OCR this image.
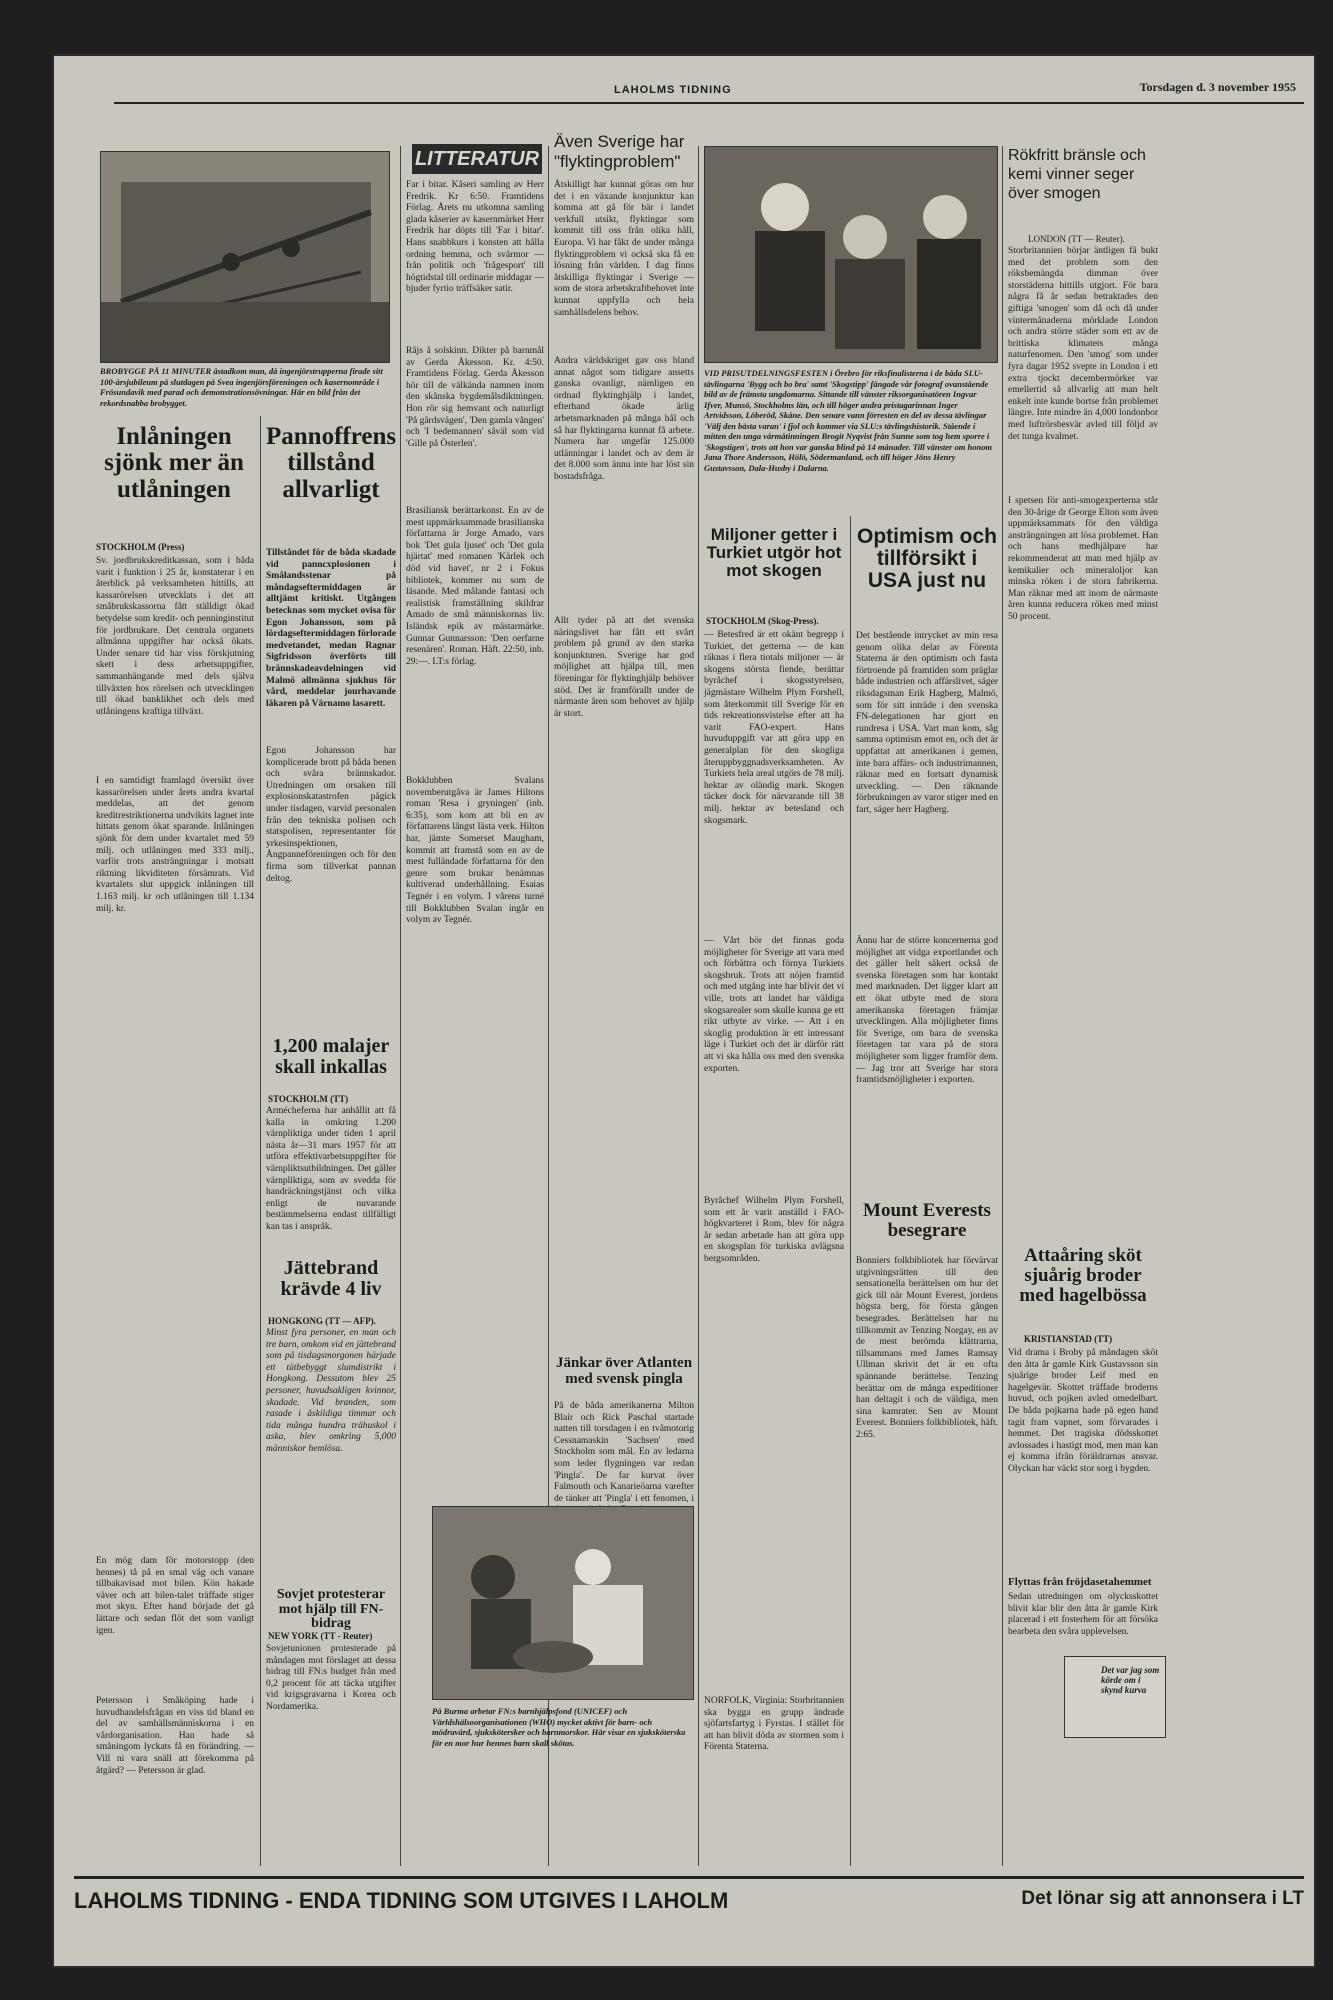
LAHOLMS TIDNING	Torsdagen d. 3 november 1955
BROBYGGE PÅ 11 MINUTER åstadkom man, då ingenjörstrupperna firade sitt 100-årsjubileum på slutdagen på Svea ingenjörsföreningen och kasernområde i Frösundavik med parad och demonstrationsövningar. Här en bild från det rekordsnabba brobygget.
Inlåningen sjönk mer än utlåningen
STOCKHOLM (Press)
Sv. jordbrukskreditkassan, som i båda varit i funktion i 25 år, konstaterar i en återblick på verksamheten hittills, att kassarörelsen utvecklats i det att småbrukskassorna fått ställdigt ökad betydelse som kredit- och penninginstitut för jordbrukare. Det centrala organets allmänna uppgifter har också ökats. Under senare tid har viss förskjutning skett i dess arbetsuppgifter, sammanhängande med dels själva tillväxten hos rörelsen och utvecklingen till ökad banklikhet och dels med utlåningens kraftiga tillväxt.
I en samtidigt framlagd översikt över kassarörelsen under årets andra kvartal meddelas, att det genom kreditrestriktionerna undvikits lagnet inte hittats genom ökat sparande. Inlåningen sjönk för dem under kvartalet med 59 milj. och utlåningen med 333 milj., varför trots ansträngningar i motsatt riktning likviditeten försämrats. Vid kvartalets slut uppgick inlåningen till 1.163 milj. kr och utlåningen till 1.134 milj. kr.
En mög dam för motorstopp (den hennes) tå på en smal väg och vanare tillbakavisad mot bilen. Kön hakade väver och att bilen-talet träffade stiger mot skyn. Efter hand började det gå lättare och sedan flöt det som vanligt igen.
Petersson i Småköping hade i huvudhandelsfrågan en viss tid bland en del av samhällsmänniskorna i en vårdorganisation. Han hade så småningom lyckats få en förändring. — Vill ni vara snäll att förekomma på åtgärd? — Petersson är glad.
Pannoffrens tillstånd allvarligt
Tillståndet för de båda skadade vid panncxplosionen i Smålandsstenar på måndagseftermiddagen är alltjämt kritiskt. Utgången betecknas som mycket ovisa för Egon Johansson, som på lördagseftermiddagen förlorade medvetandet, medan Ragnar Sigfridsson överförts till brännskadeavdelningen vid Malmö allmänna sjukhus för vård, meddelar jourhavande läkaren på Värnamo lasarett.
Egon Johansson har komplicerade brott på båda benen och svåra brännskador. Utredningen om orsaken till explosionskatastrofen pågick under tisdagen, varvid personalen från den tekniska polisen och statspolisen, representanter för yrkesinspektionen, Ångpanneföreningen och för den firma som tillverkat pannan deltog.
1,200 malajer skall inkallas
STOCKHOLM (TT)
Armécheferna har anhållit att få kalla in omkring 1.200 värnpliktiga under tiden 1 april nästa år—31 mars 1957 för att utföra effektivarbetsuppgifter för värnpliktsutbildningen. Det gäller värnpliktiga, som av svedda för handräckningstjänst och vilka enligt de nuvarande bestämmelserna endast tillfälligt kan tas i anspråk.
Jättebrand krävde 4 liv
HONGKONG (TT — AFP).
Minst fyra personer, en man och tre barn, omkom vid en jättebrand som på tisdagsmorgonen härjade ett tätbebyggt slumdistrikt i Hongkong. Dessutom blev 25 personer, huvudsakligen kvinnor, skadade. Vid branden, som rasade i åskildiga timmar och tida många hundra trähuskol i aska, blev omkring 5,000 människor hemlösa.
Sovjet protesterar mot hjälp till FN-bidrag
NEW YORK (TT - Reuter)
Sovjetunionen protesterade på måndagen mot förslaget att dessa bidrag till FN:s budget från med 0,2 procent för att täcka utgifter vid krigsgravarna i Korea och Nordamerika.
LITTERATUR
Far i bitar. Kåseri samling av Herr Fredrik. Kr 6:50. Framtidens Förlag. Årets nu utkomna samling glada kåserier av kasernmärket Herr Fredrik har döpts till 'Far i bitar'. Hans snabbkurs i konsten att hålla ordning hemma, och svärmor — från politik och 'frågesport' till högtidstal till ordinarie middagar — bjuder fyrtio träffsäker satir.
Råjs å solskinn. Dikter på barnmål av Gerda Åkesson. Kr. 4:50. Framtidens Förlag. Gerda Åkesson hör till de välkända namnen inom den skånska bygdemålsdiktningen. Hon rör sig hemvant och naturligt 'På gårdsvägen', 'Den gamla vången' och 'I bedemannen' såväl som vid 'Gille på Österlen'.
Brasiliansk berättarkonst. En av de mest uppmärksammade brasilianska författarna är Jorge Amado, vars bok 'Det gula ljuset' och 'Det gula hjärtat' med romanen 'Kärlek och död vid havet', nr 2 i Fokus bibliotek, kommer nu som de läsande. Med målande fantasi och realistisk framställning skildrar Amado de små människornas liv. Isländsk epik av mästarmärke. Gunnar Gunnarsson: 'Den oerfarne resenären'. Roman. Häft. 22:50, inb. 29:—. LT:s förlag.
Bokklubben Svalans novemberutgåva är James Hiltons roman 'Resa i gryningen' (inb. 6:35), som kom att bli en av författarens längst lästa verk. Hilton har, jämte Somerset Maugham, kommit att framstå som en av de mest fulländade författarna för den genre som brukar benämnas kultiverad underhållning. Esaias Tegnér i en volym. I vårens turné till Bokklubben Svalan ingår en volym av Tegnér.
Även Sverige har "flyktingproblem"
Åtskilligt har kunnat göras om hur det i en växande konjunktur kan komma att gå för bär i landet verkfull utsikt, flyktingar som kommit till oss från olika håll, Europa. Vi har fåkt de under många flyktingproblem vi också ska få en lösning från världen. I dag finns åtskilliga flyktingar i Sverige — som de stora arbetskraftbehovet inte kunnat uppfylla och hela samhällsdelens behov.
Andra världskriget gav oss bland annat något som tidigare ansetts ganska ovanligt, nämligen en ordnad flyktinghjälp i landet, efterhand ökade ärlig arbetsmarknaden på många hål och så har flyktingarna kunnat få arbete. Numera har ungefär 125.000 utlänningar i landet och av dem är det 8.000 som ännu inte har löst sin bostadsfråga.
Allt tyder på att det svenska näringslivet har fått ett svårt problem på grund av den starka konjunkturen. Sverige har god möjlighet att hjälpa till, men föreningar för flyktinghjälp behöver stöd. Det är framförallt under de närmaste åren som behovet av hjälp är stort.
Jänkar över Atlanten med svensk pingla
På de båda amerikanerna Milton Blair och Rick Paschal startade natten till torsdagen i en tvåmotorig Cessnamaskin 'Sachsen' med Stockholm som mål. En av ledarna som leder flygningen var redan 'Pingla'. De far kurvat över Falmouth och Kanarieöarna varefter de tänker att 'Pingla' i ett fenomen, i
På Burma arbetar FN:s barnhjälpsfond (UNICEF) och Världshälsoorganisationen (WHO) mycket aktivt för barn- och mödravård, sjukskötersker och barnmorskor. Här visar en sjuksköterska för en mor hur hennes barn skall skötas.
VID PRISUTDELNINGSFESTEN i Örebro för riksfinalisterna i de båda SLU-tävlingarna 'Bygg och bo bra' samt 'Skogstipp' fångade vår fotograf ovanstående bild av de främsta ungdomarna. Sittande till vänster riksorganisatören Ingvar Ifver, Munsö, Stockholms län, och till höger andra pristagarinnan Inger Artvidsson, Löberöd, Skåne. Den senare vann förresten en del av dessa tävlingar 'Välj den bästa varan' i fjol och kommer via SLU:s tävlingshistorik. Stående i mitten den unga vårmåtinningen Brogit Nyqvist från Sunne som tog hem sporre i 'Skogstigen', trots att hon var ganska blind på 14 månader. Till vänster om honom Jana Thore Andersson, Hölö, Södermanland, och till höger Jöns Henry Gustavsson, Dala-Husby i Dalarna.
Miljoner getter i Turkiet utgör hot mot skogen
STOCKHOLM (Skog-Press).
— Betesfred är ett okänt begrepp i Turkiet, det getterna — de kan räknas i flera tiotals miljoner — är skogens största fiende, berättar byråchef i skogsstyrelsen, jägmästare Wilhelm Plym Forshell, som återkommit till Sverige för en tids rekreationsvistelse efter att ha varit FAO-expert. Hans huvuduppgift var att göra upp en generalplan för den skogliga återuppbyggnadsverksamheten. Av Turkiets hela areal utgörs de 78 milj. hektar av oländig mark. Skogen täcker dock för närvarande till 38 milj. hektar av betesland och skogsmark.
— Vårt bör det finnas goda möjligheter för Sverige att vara med och förbättra och förnya Turkiets skogsbruk. Trots att nöjen framtid och med utgång inte har blivit det vi ville, trots att landet har väldiga skogsarealer som skulle kunna ge ett rikt utbyte av virke. — Att i en skoglig produktion är ett intressant läge i Turkiet och det är därför rätt att vi ska hålla oss med den svenska exporten.
Byråchef Wilhelm Plym Forshell, som ett år varit anställd i FAO-högkvarteret i Rom, blev för några år sedan arbetade han att göra upp en skogsplan för turkiska avlägsna bergsområden.
NORFOLK, Virginia: Storbritannien ska bygga en grupp ändrade sjöfartsfartyg i Fyrstas. I stället för att han blivit döda av stormen som i Förenta Staterna.
Optimism och tillförsikt i USA just nu
Det bestående intrycket av min resa genom olika delar av Förenta Staterna är den optimism och fasta förtroende på framtiden som präglar både industrien och affärslivet, säger riksdagsman Erik Hagberg, Malmö, som för sitt inträde i den svenska FN-delegationen har gjort en rundresa i USA. Vart man kom, såg samma optimism emot en, och det är uppfattat att amerikanen i gemen, inte bara affärs- och industrimannen, räknar med en fortsatt dynamisk utveckling. — Den räknande förbrukningen av varor stiger med en fart, säger herr Hagberg.
Ännu har de större koncernerna god möjlighet att vidga exportlandet och det gäller helt säkert också de svenska företagen som har kontakt med marknaden. Det ligger klart att ett ökat utbyte med de stora amerikanska företagen främjar utvecklingen. Alla möjligheter finns för Sverige, om bara de svenska företagen tar vara på de stora möjligheter som ligger framför dem. — Jag tror att Sverige har stora framtidsmöjligheter i exporten.
Mount Everests besegrare
Bonniers folkbibliotek har förvärvat utgivningsrätten till den sensationella berättelsen om hur det gick till när Mount Everest, jordens högsta berg, för första gången besegrades. Berättelsen har nu tillkommit av Tenzing Norgay, en av de mest berömda klättrarna, tillsammans med James Ramsay Ullman skrivit det är en ofta spännande berättelse. Tenzing berättar om de många expeditioner han deltagit i och de väldiga, men sina kamrater. Sen av Mount Everest. Bonniers folkbibliotek, häft. 2:65.
Rökfritt bränsle och kemi vinner seger över smogen
LONDON (TT — Reuter).
Storbritannien börjar äntligen få bukt med det problem som den röksbemängda dimman över storstäderna hittills utgjort. För bara några få år sedan betraktades den giftiga 'smogen' som då och då under vintermånaderna mörklade London och andra större städer som ett av de brittiska klimatets många naturfenomen. Den 'smog' som under fyra dagar 1952 svepte in London i ett extra tjockt decembermörker var emellertid så allvarlig att man helt enkelt inte kunde bortse från problemet längre. Inte mindre än 4,000 londonbor med luftrörsbesvär avled till följd av det tunga kvalmet.
I spetsen för anti-smogexperterna står den 30-årige dr George Elton som även uppmärksammats för den väldiga ansträngningen att lösa problemet. Han och hans medhjälpare har rekommenderat att man med hjälp av kemikalier och mineraloljor kan minska röken i de stora fabrikerna. Man räknar med att inom de närmaste åren kunna reducera röken med minst 50 procent.
Attaåring sköt sjuårig broder med hagelbössa
KRISTIANSTAD (TT)
Vid drama i Broby på måndagen sköt den åtta år gamle Kirk Gustavsson sin sjuårige broder Leif med en hagelgevär. Skottet träffade broderns huvud, och pojken avled omedelbart. De båda pojkarna hade på egen hand tagit fram vapnet, som förvarades i hemmet. Det tragiska dödsskottet avlossades i hastigt mod, men man kan ej komma ifrån föräldrarnas ansvar. Olyckan har väckt stor sorg i bygden.
Flyttas från fröjdasetahemmet
Sedan utredningen om olycksskottet blivit klar blir den åtta år gamle Kirk placerad i ett fosterhem för att försöka bearbeta den svåra upplevelsen.
Det var jag som körde om i skynd kurva
LAHOLMS TIDNING - ENDA TIDNING SOM UTGIVES I LAHOLM	Det lönar sig att annonsera i LT
